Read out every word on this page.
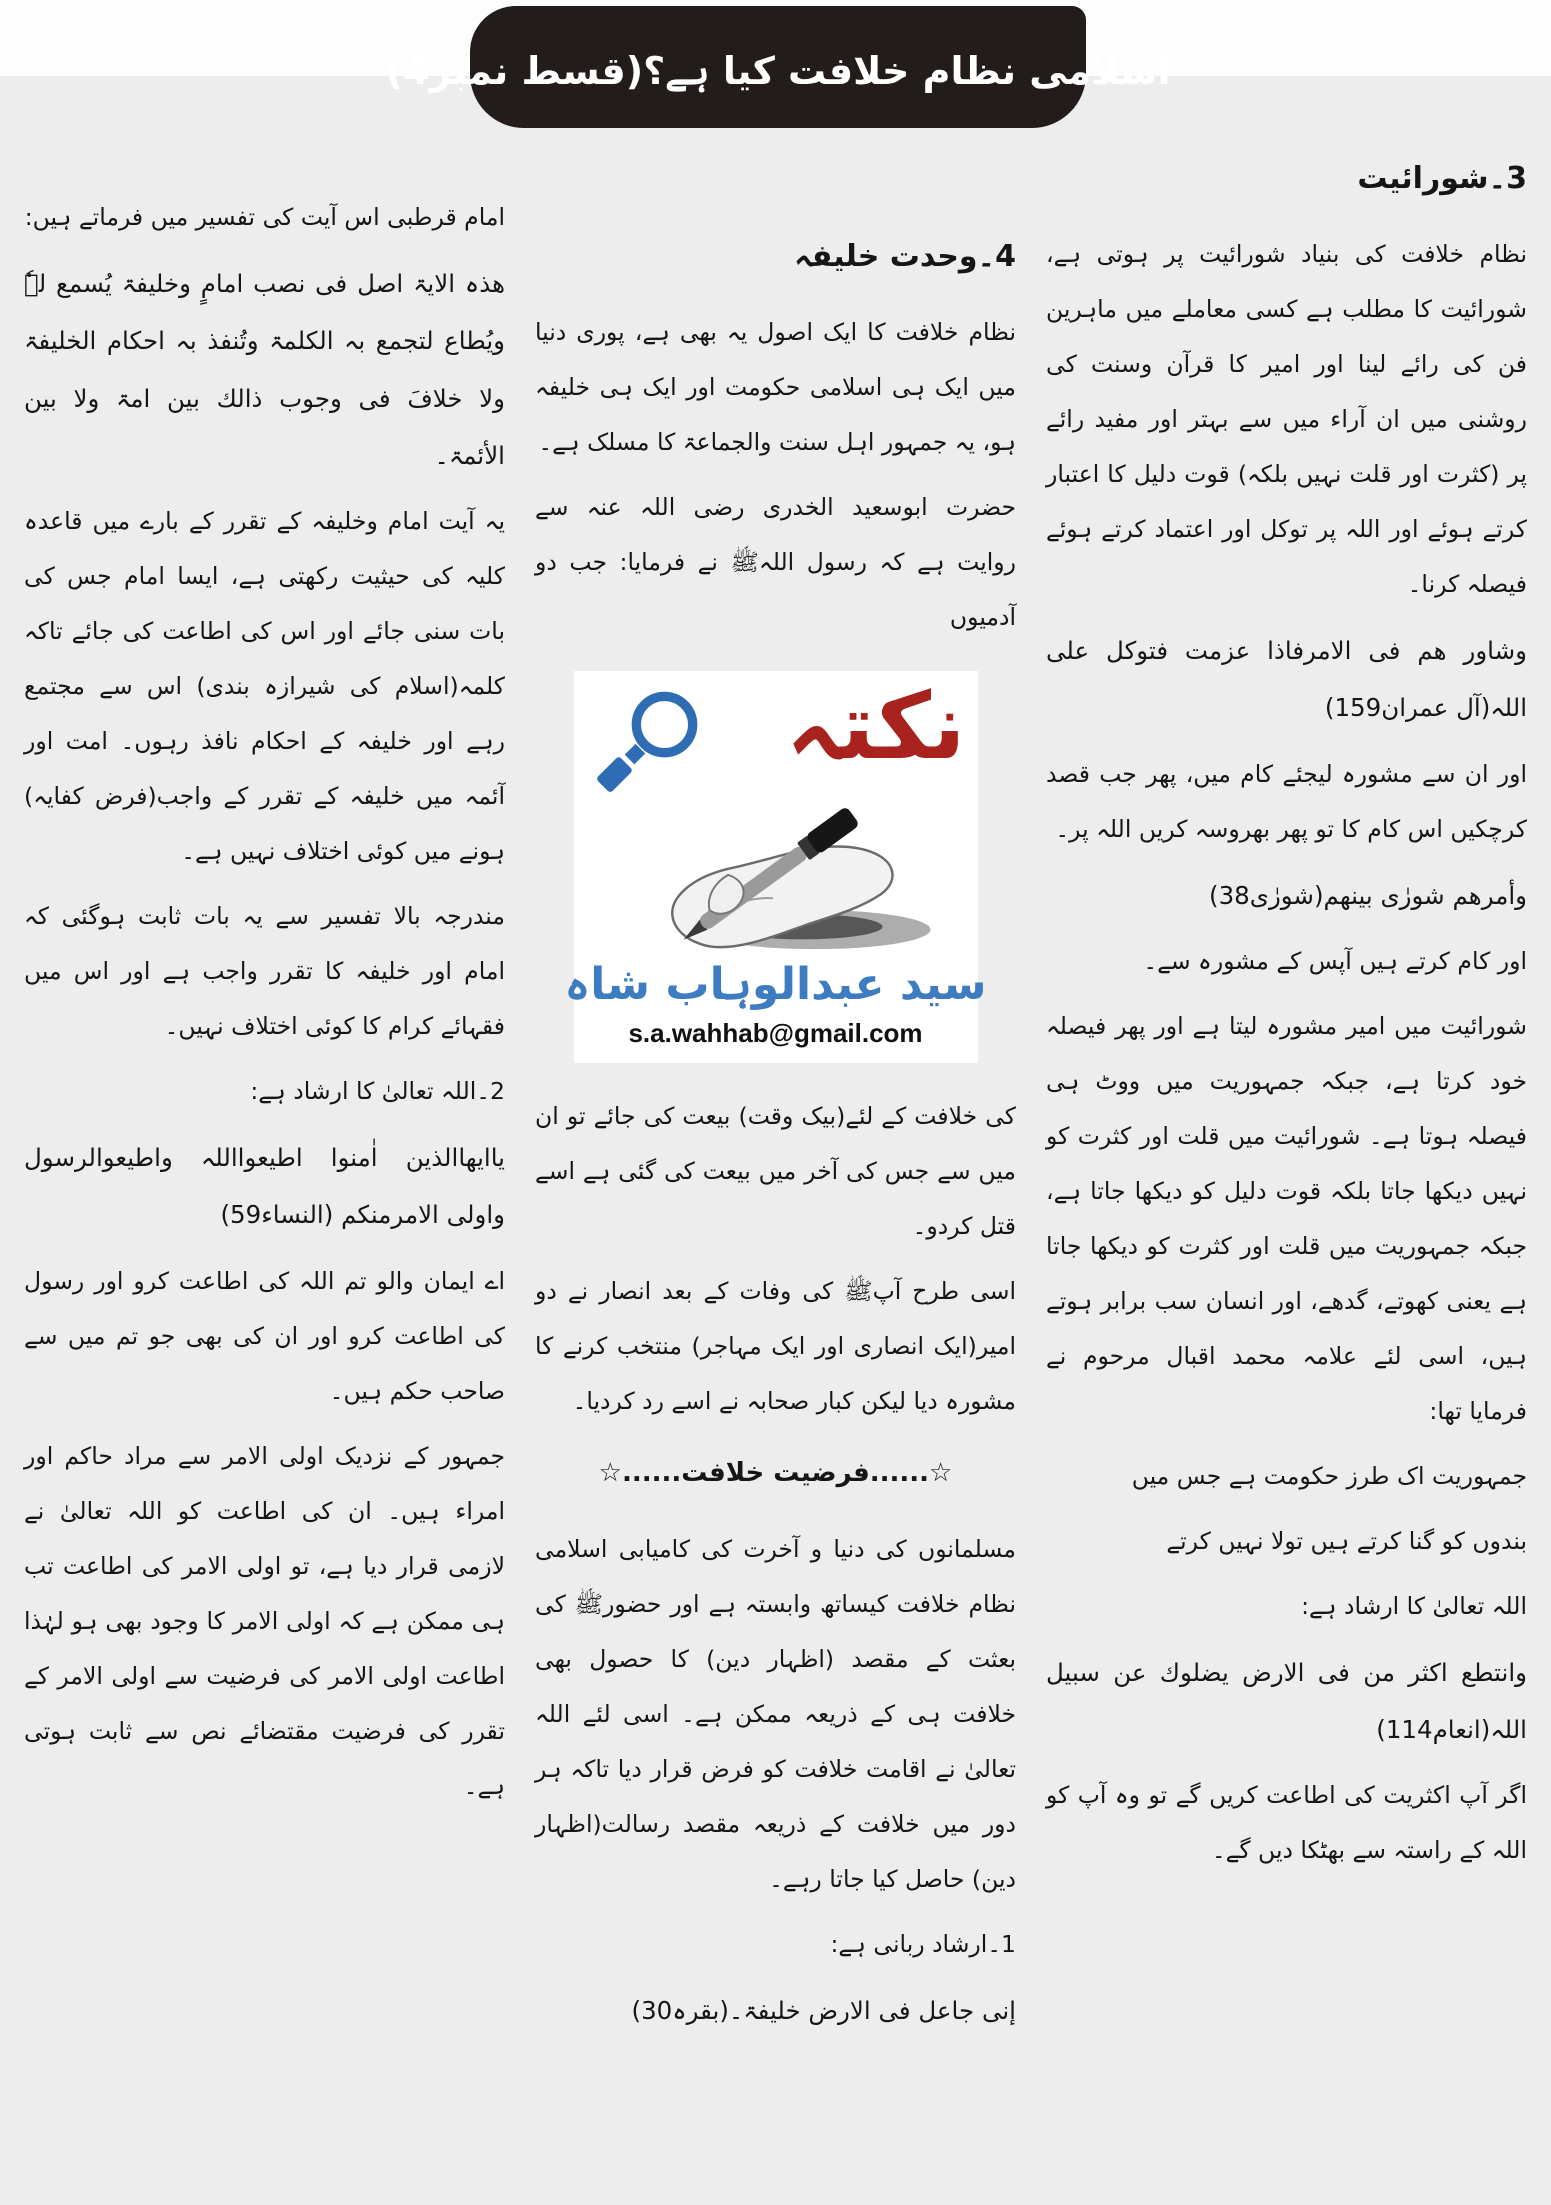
اسلامی نظام خلافت کیا ہے؟(قسط نمبر4)
3۔شورائیت

نظام خلافت کی بنیاد شورائیت پر ہوتی ہے، شورائیت کا مطلب ہے کسی معاملے میں ماہرین فن کی رائے لینا اور امیر کا قرآن وسنت کی روشنی میں ان آراء میں سے بہتر اور مفید رائے پر (کثرت اور قلت نہیں بلکہ) قوت دلیل کا اعتبار کرتے ہوئے اور اللہ پر توکل اور اعتماد کرتے ہوئے فیصلہ کرنا۔

وشاور ھم فی الامرفاذا عزمت فتوکل علی اللہ(آل عمران159)

اور ان سے مشورہ لیجئے کام میں، پھر جب قصد کرچکیں اس کام کا تو پھر بھروسہ کریں اللہ پر۔

وأمرھم شورٰی بینھم(شورٰی38)

اور کام کرتے ہیں آپس کے مشورہ سے۔

شورائیت میں امیر مشورہ لیتا ہے اور پھر فیصلہ خود کرتا ہے، جبکہ جمہوریت میں ووٹ ہی فیصلہ ہوتا ہے۔ شورائیت میں قلت اور کثرت کو نہیں دیکھا جاتا بلکہ قوت دلیل کو دیکھا جاتا ہے، جبکہ جمہوریت میں قلت اور کثرت کو دیکھا جاتا ہے یعنی کھوتے، گدھے، اور انسان سب برابر ہوتے ہیں، اسی لئے علامہ محمد اقبال مرحوم نے فرمایا تھا:

جمہوریت اک طرز حکومت ہے جس میں

بندوں کو گنا کرتے ہیں تولا نہیں کرتے

اللہ تعالیٰ کا ارشاد ہے:

وانتطع اکثر من فی الارض یضلوك عن سبیل اللہ(انعام114)

اگر آپ اکثریت کی اطاعت کریں گے تو وہ آپ کو اللہ کے راستہ سے بھٹکا دیں گے۔

4۔وحدت خلیفہ

نظام خلافت کا ایک اصول یہ بھی ہے، پوری دنیا میں ایک ہی اسلامی حکومت اور ایک ہی خلیفہ ہو، یہ جمہور اہل سنت والجماعۃ کا مسلک ہے۔

حضرت ابوسعید الخدری رضی اللہ عنہ سے روایت ہے کہ رسول اللہﷺ نے فرمایا: جب دو آدمیوں

نکتہ
سید عبدالوہاب شاہ
s.a.wahhab@gmail.com

کی خلافت کے لئے(بیک وقت) بیعت کی جائے تو ان میں سے جس کی آخر میں بیعت کی گئی ہے اسے قتل کردو۔

اسی طرح آپﷺ کی وفات کے بعد انصار نے دو امیر(ایک انصاری اور ایک مہاجر) منتخب کرنے کا مشورہ دیا لیکن کبار صحابہ نے اسے رد کردیا۔

☆......فرضیت خلافت......☆

مسلمانوں کی دنیا و آخرت کی کامیابی اسلامی نظام خلافت کیساتھ وابستہ ہے اور حضورﷺ کی بعثت کے مقصد (اظہار دین) کا حصول بھی خلافت ہی کے ذریعہ ممکن ہے۔ اسی لئے اللہ تعالیٰ نے اقامت خلافت کو فرض قرار دیا تاکہ ہر دور میں خلافت کے ذریعہ مقصد رسالت(اظہار دین) حاصل کیا جاتا رہے۔

1۔ارشاد ربانی ہے:

إنی جاعل فی الارض خلیفۃ۔(بقرہ30)

امام قرطبی اس آیت کی تفسیر میں فرماتے ہیں:

ھذہ الایۃ اصل فی نصب امامٍ وخلیفۃ یُسمع لہٗ ویُطاع لتجمع بہ الکلمۃ وتُنفذ بہ احکام الخلیفۃ ولا خلافَ فی وجوب ذالك بین امۃ ولا بین الأئمۃ۔

یہ آیت امام وخلیفہ کے تقرر کے بارے میں قاعدہ کلیہ کی حیثیت رکھتی ہے، ایسا امام جس کی بات سنی جائے اور اس کی اطاعت کی جائے تاکہ کلمہ(اسلام کی شیرازہ بندی) اس سے مجتمع رہے اور خلیفہ کے احکام نافذ رہوں۔ امت اور آئمہ میں خلیفہ کے تقرر کے واجب(فرض کفایہ) ہونے میں کوئی اختلاف نہیں ہے۔

مندرجہ بالا تفسیر سے یہ بات ثابت ہوگئی کہ امام اور خلیفہ کا تقرر واجب ہے اور اس میں فقہائے کرام کا کوئی اختلاف نہیں۔

2۔اللہ تعالیٰ کا ارشاد ہے:

یاایھاالذین اٰمنوا اطیعوااللہ واطیعوالرسول واولی الامرمنکم (النساء59)

اے ایمان والو تم اللہ کی اطاعت کرو اور رسول کی اطاعت کرو اور ان کی بھی جو تم میں سے صاحب حکم ہیں۔

جمہور کے نزدیک اولی الامر سے مراد حاکم اور امراء ہیں۔ ان کی اطاعت کو اللہ تعالیٰ نے لازمی قرار دیا ہے، تو اولی الامر کی اطاعت تب ہی ممکن ہے کہ اولی الامر کا وجود بھی ہو لہٰذا اطاعت اولی الامر کی فرضیت سے اولی الامر کے تقرر کی فرضیت مقتضائے نص سے ثابت ہوتی ہے۔
